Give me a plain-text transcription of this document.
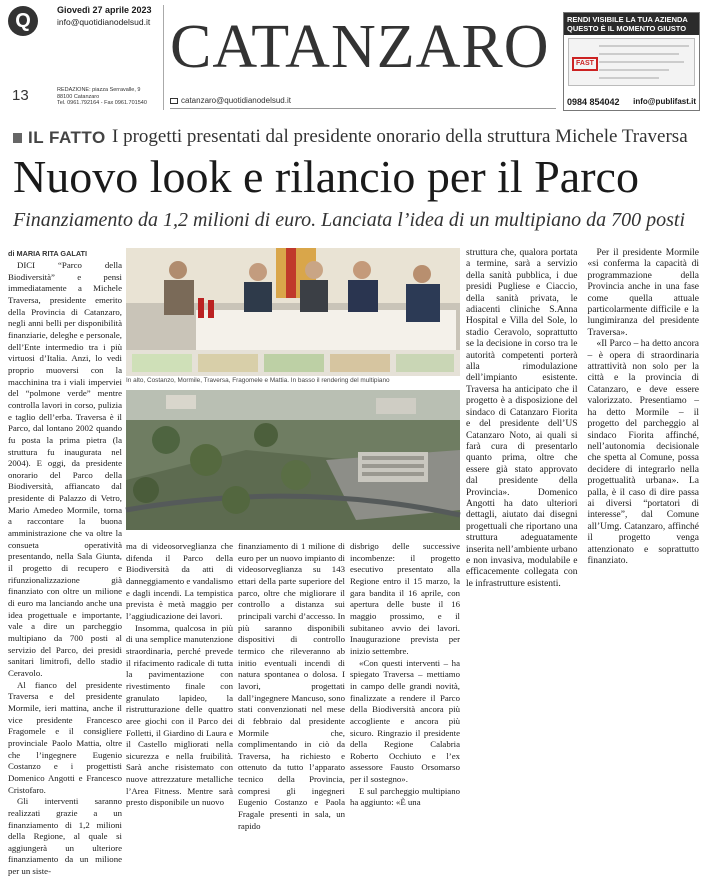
Q	Giovedì 27 aprile 2023
info@quotidianodelsud.it
13	REDAZIONE: piazza Serravalle, 9
88100 Catanzaro
Tel. 0961.792164 - Fax 0961.701540
CATANZARO
catanzaro@quotidianodelsud.it
RENDI VISIBILE LA TUA AZIENDA
QUESTO È IL MOMENTO GIUSTO
FAST
0984 854042 info@publifast.it
IL FATTO I progetti presentati dal presidente onorario della struttura Michele Traversa
Nuovo look e rilancio per il Parco
Finanziamento da 1,2 milioni di euro. Lanciata l’idea di un multipiano da 700 posti
di MARIA RITA GALATI

DICI “Parco della Biodiversità” e pensi immediatamente a Michele Traversa, presidente emerito della Provincia di Catanzaro, negli anni belli per disponibilità finanziarie, deleghe e personale, dell’Ente intermedio tra i più virtuosi d’Italia. Anzi, lo vedi proprio muoversi con la macchinina tra i viali imperviei del “polmone verde” mentre controlla lavori in corso, pulizia e taglio dell’erba. Traversa è il Parco, dal lontano 2002 quando fu posta la prima pietra (la struttura fu inaugurata nel 2004). E oggi, da presidente onorario del Parco della Biodiversità, affiancato dal presidente di Palazzo di Vetro, Mario Amedeo Mormile, torna a raccontare la buona amministrazione che va oltre la consueta operatività presentando, nella Sala Giunta, il progetto di recupero e rifunzionalizzazione già finanziato con oltre un milione di euro ma lanciando anche una idea progettuale e importante, vale a dire un parcheggio multipiano da 700 posti al servizio del Parco, dei presidi sanitari limitrofi, dello stadio Ceravolo.

Al fianco del presidente Traversa e del presidente Mormile, ieri mattina, anche il vice presidente Francesco Fragomele e il consigliere provinciale Paolo Mattia, oltre che l’ingegnere Eugenio Costanzo e i progettisti Domenico Angotti e Francesco Cristofaro.

Gli interventi saranno realizzati grazie a un finanziamento di 1,2 milioni della Regione, al quale si aggiungerà un ulteriore finanziamento da un milione per un siste-

In alto, Costanzo, Mormile, Traversa, Fragomele e Mattia. In basso il rendering del multipiano

ma di videosorveglianza che difenda il Parco della Biodiversità da atti di danneggiamento e vandalismo e dagli incendi. La tempistica prevista è metà maggio per l’aggiudicazione dei lavori.

Insomma, qualcosa in più di una semplice manutenzione straordinaria, perché prevede il rifacimento radicale di tutta la pavimentazione con rivestimento finale con granulato lapideo, la ristrutturazione delle quattro aree giochi con il Parco dei Folletti, il Giardino di Laura e il Castello migliorati nella sicurezza e nella fruibilità. Sarà anche risistemato con nuove attrezzature metalliche l’Area Fitness. Mentre sarà presto disponibile un nuovo

finanziamento di 1 milione di euro per un nuovo impianto di videosorveglianza su 143 ettari della parte superiore del parco, oltre che migliorare il controllo a distanza sui principali varchi d’accesso. In più saranno disponibili dispositivi di controllo termico che rileveranno ab initio eventuali incendi di natura spontanea o dolosa. I lavori, progettati dall’ingegnere Mancuso, sono stati convenzionati nel mese di febbraio dal presidente Mormile che, complimentando in ciò da Traversa, ha richiesto e ottenuto da tutto l’apparato tecnico della Provincia, compresi gli ingegneri Eugenio Costanzo e Paola Fragale presenti in sala, un rapido

disbrigo delle successive incombenze: il progetto esecutivo presentato alla Regione entro il 15 marzo, la gara bandita il 16 aprile, con apertura delle buste il 16 maggio prossimo, e il subitaneo avvio dei lavori. Inaugurazione prevista per inizio settembre.

«Con questi interventi – ha spiegato Traversa – mettiamo in campo delle grandi novità, finalizzate a rendere il Parco della Biodiversità ancora più accogliente e ancora più sicuro. Ringrazio il presidente della Regione Calabria Roberto Occhiuto e l’ex assessore Fausto Orsomarso per il sostegno».

E sul parcheggio multipiano ha aggiunto: «È una

struttura che, qualora portata a termine, sarà a servizio della sanità pubblica, i due presidi Pugliese e Ciaccio, della sanità privata, le adiacenti cliniche S.Anna Hospital e Villa del Sole, lo stadio Ceravolo, soprattutto se la decisione in corso tra le autorità competenti porterà alla rimodulazione dell’impianto esistente. Traversa ha anticipato che il progetto è a disposizione del sindaco di Catanzaro Fiorita e del presidente dell’US Catanzaro Noto, ai quali si farà cura di presentarlo quanto prima, oltre che essere già stato approvato dal presidente della Provincia». Domenico Angotti ha dato ulteriori dettagli, aiutato dai disegni progettuali che riportano una struttura adeguatamente inserita nell’ambiente urbano e non invasiva, modulabile e efficacemente collegata con le infrastrutture esistenti.

Per il presidente Mormile «si conferma la capacità di programmazione della Provincia anche in una fase come quella attuale particolarmente difficile e la lungimiranza del presidente Traversa».

«Il Parco – ha detto ancora – è opera di straordinaria attrattività non solo per la città e la provincia di Catanzaro, e deve essere valorizzato. Presentiamo – ha detto Mormile – il progetto del parcheggio al sindaco Fiorita affinché, nell’autonomia decisionale che spetta al Comune, possa decidere di integrarlo nella progettualità urbana». La palla, è il caso di dire passa ai diversi “portatori di interesse”, dal Comune all’Umg. Catanzaro, affinché il progetto venga attenzionato e soprattutto finanziato.
